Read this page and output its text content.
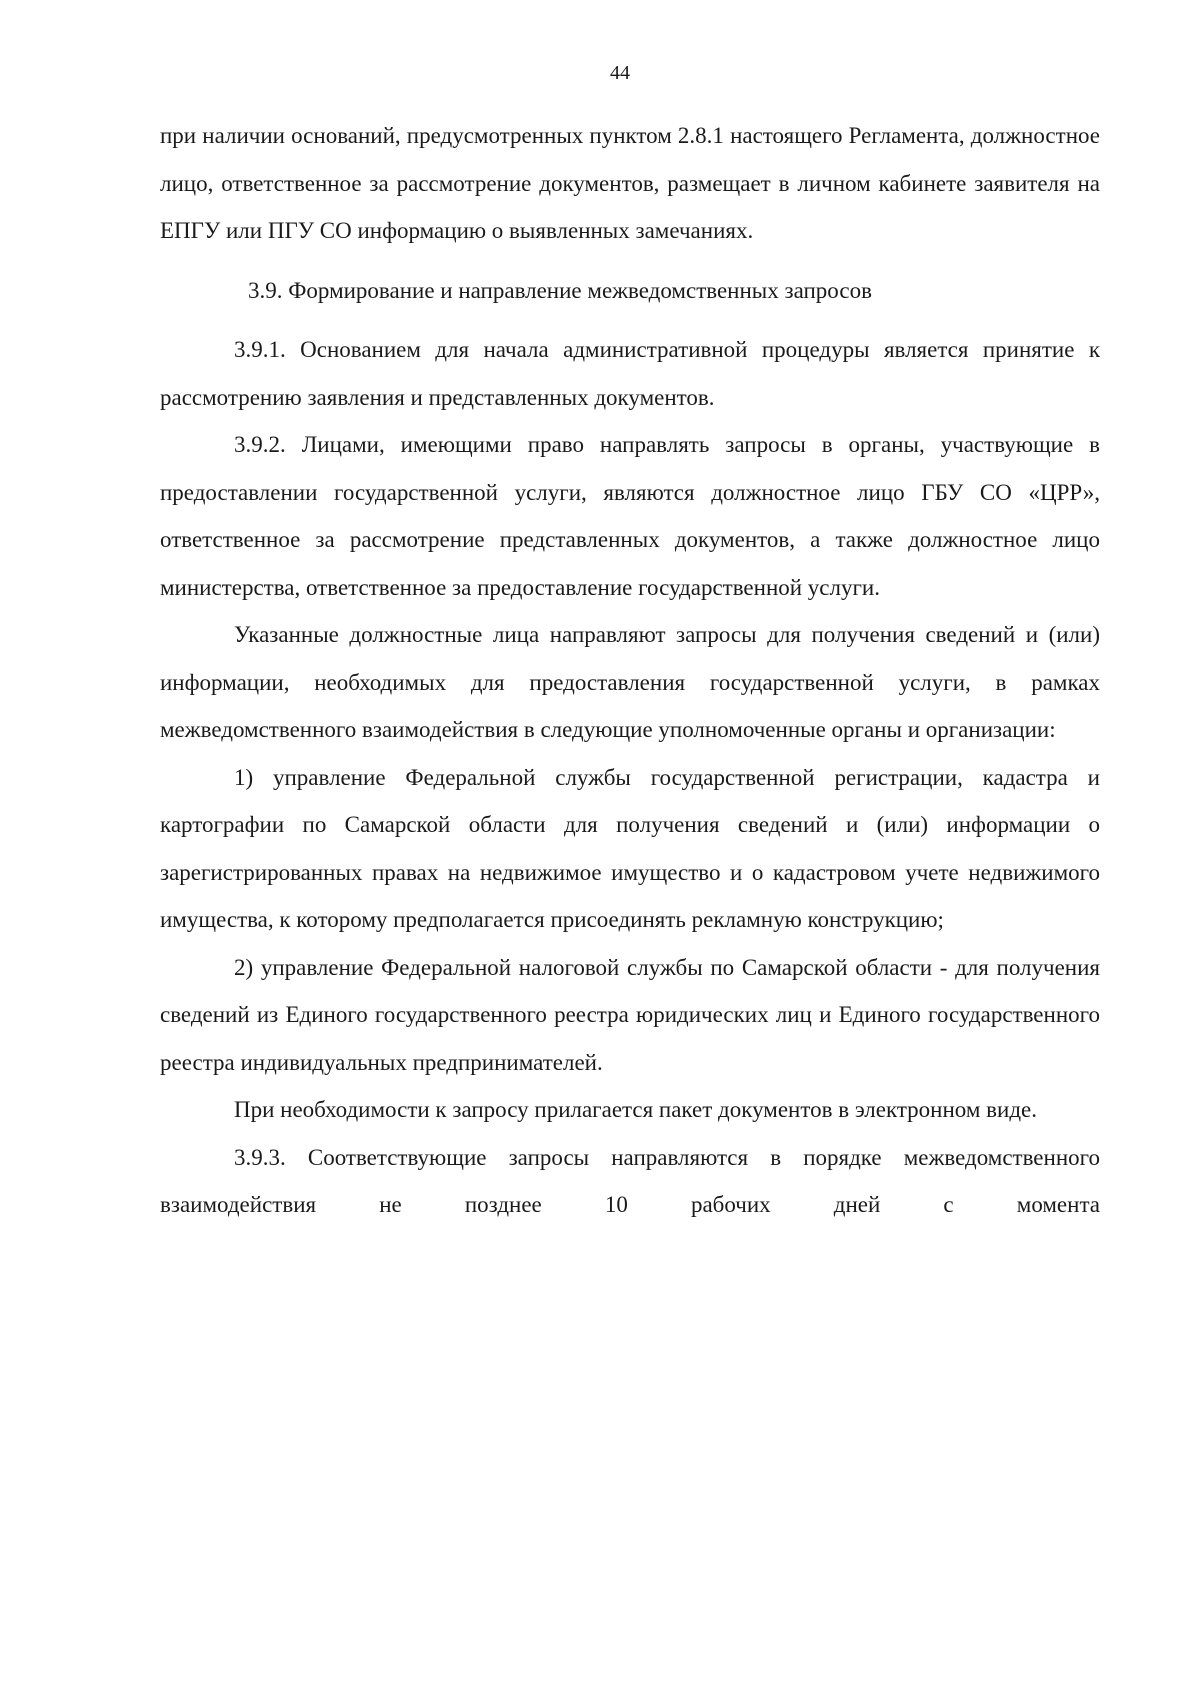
44

при наличии оснований, предусмотренных пунктом 2.8.1 настоящего Регламента, должностное лицо, ответственное за рассмотрение документов, размещает в личном кабинете заявителя на ЕПГУ или ПГУ СО информацию о выявленных замечаниях.

3.9. Формирование и направление межведомственных запросов

3.9.1. Основанием для начала административной процедуры является принятие к рассмотрению заявления и представленных документов.

3.9.2. Лицами, имеющими право направлять запросы в органы, участвующие в предоставлении государственной услуги, являются должностное лицо ГБУ СО «ЦРР», ответственное за рассмотрение представленных документов, а также должностное лицо министерства, ответственное за предоставление государственной услуги.

Указанные должностные лица направляют запросы для получения сведений и (или) информации, необходимых для предоставления государственной услуги, в рамках межведомственного взаимодействия в следующие уполномоченные органы и организации:

1) управление Федеральной службы государственной регистрации, кадастра и картографии по Самарской области для получения сведений и (или) информации о зарегистрированных правах на недвижимое имущество и о кадастровом учете недвижимого имущества, к которому предполагается присоединять рекламную конструкцию;

2) управление Федеральной налоговой службы по Самарской области - для получения сведений из Единого государственного реестра юридических лиц и Единого государственного реестра индивидуальных предпринимателей.

При необходимости к запросу прилагается пакет документов в электронном виде.

3.9.3. Соответствующие запросы направляются в порядке межведомственного взаимодействия не позднее 10 рабочих дней с момента
